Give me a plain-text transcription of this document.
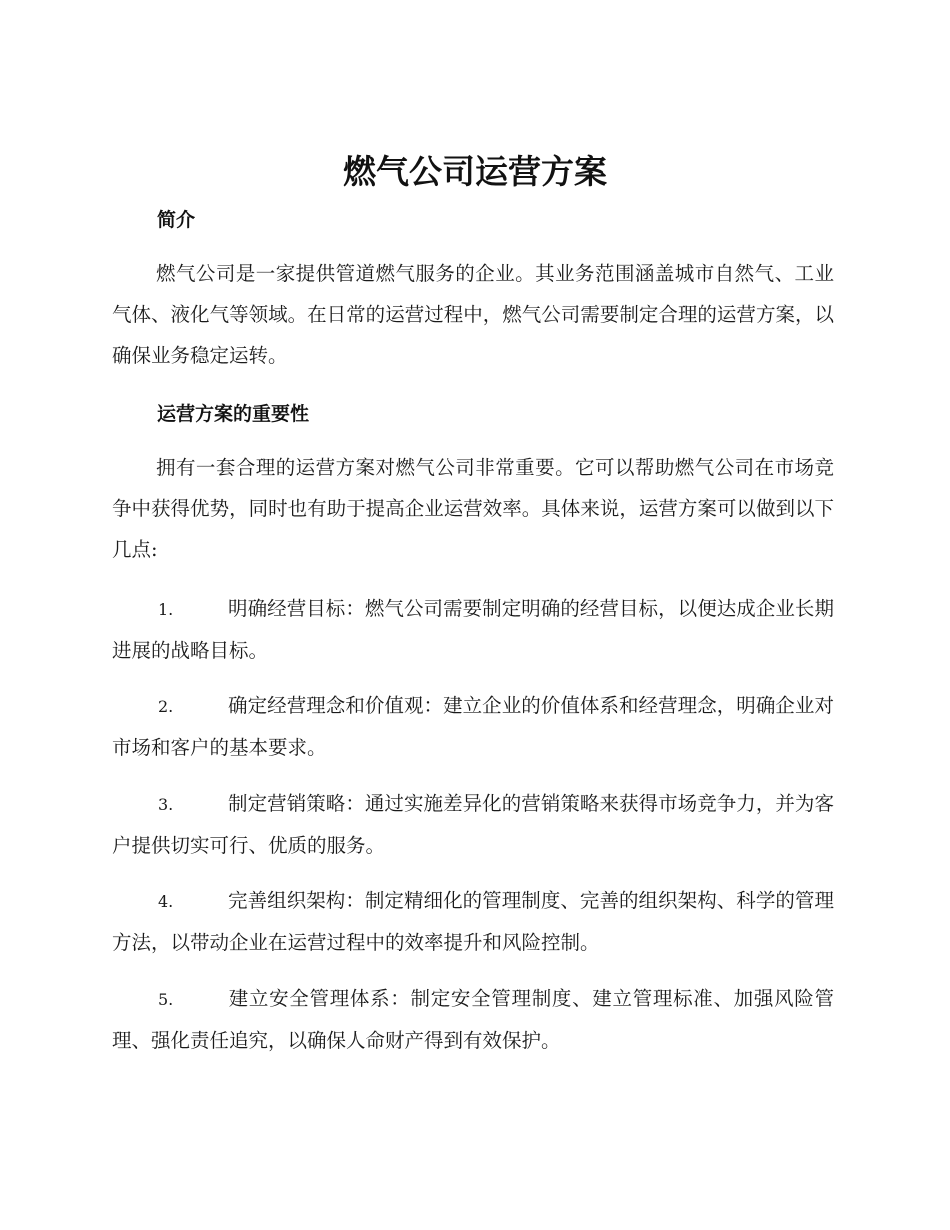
燃气公司运营方案
简介

燃气公司是一家提供管道燃气服务的企业。其业务范围涵盖城市自然气、工业气体、液化气等领域。在日常的运营过程中，燃气公司需要制定合理的运营方案，以确保业务稳定运转。

运营方案的重要性

拥有一套合理的运营方案对燃气公司非常重要。它可以帮助燃气公司在市场竞争中获得优势，同时也有助于提高企业运营效率。具体来说，运营方案可以做到以下几点:

1.	明确经营目标：燃气公司需要制定明确的经营目标，以便达成企业长期进展的战略目标。

2.	确定经营理念和价值观：建立企业的价值体系和经营理念，明确企业对市场和客户的基本要求。

3.	制定营销策略：通过实施差异化的营销策略来获得市场竞争力，并为客户提供切实可行、优质的服务。

4.	完善组织架构：制定精细化的管理制度、完善的组织架构、科学的管理方法，以带动企业在运营过程中的效率提升和风险控制。

5.	建立安全管理体系：制定安全管理制度、建立管理标准、加强风险管理、强化责任追究，以确保人命财产得到有效保护。
